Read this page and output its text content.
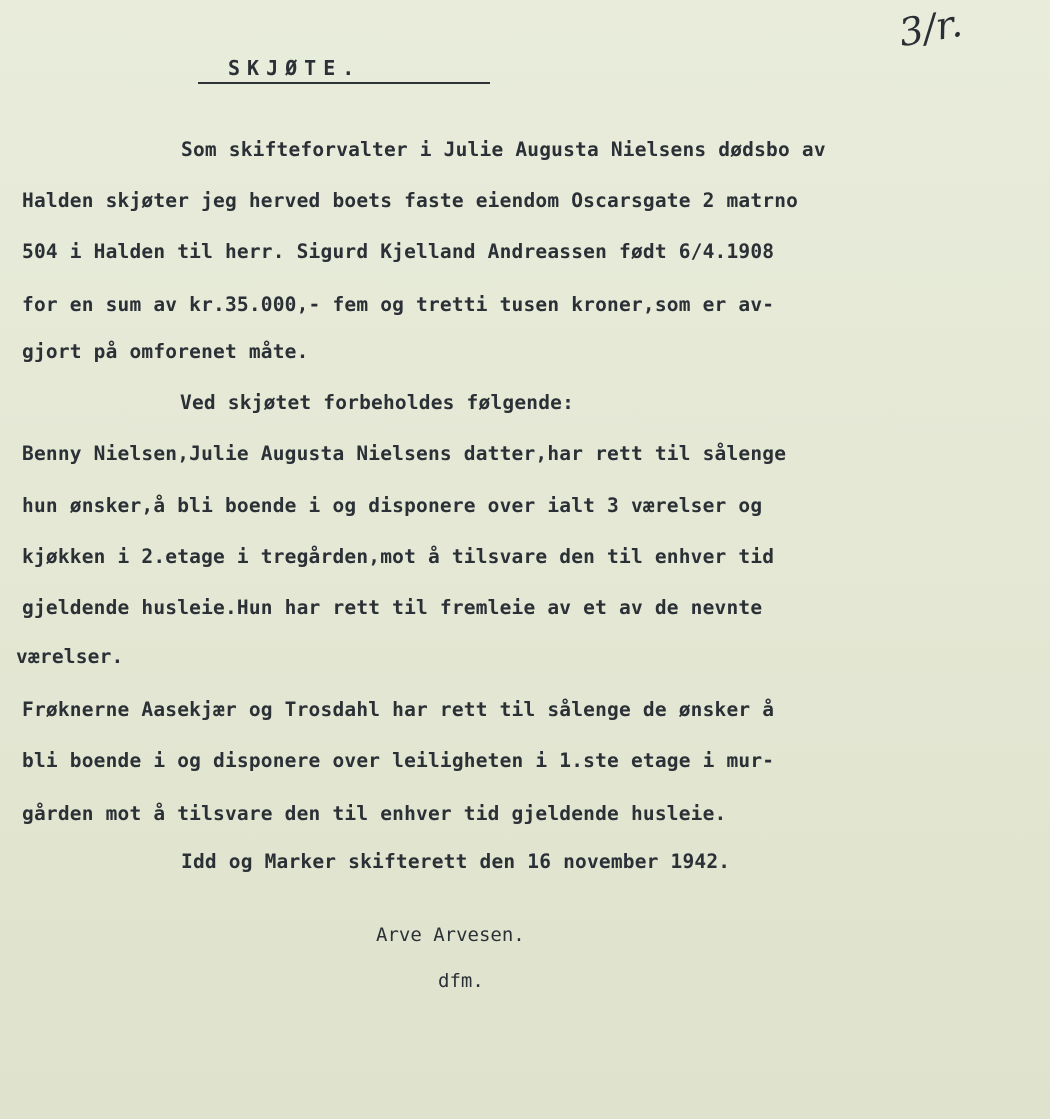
3/r.
SKJØTE.
Som skifteforvalter i Julie Augusta Nielsens dødsbo av
Halden skjøter jeg herved boets faste eiendom Oscarsgate 2 matrno
504 i Halden til herr. Sigurd Kjelland Andreassen født 6/4.1908
for en sum av kr.35.000,- fem og tretti tusen kroner,som er av-
gjort på omforenet måte.
Ved skjøtet forbeholdes følgende:
Benny Nielsen,Julie Augusta Nielsens datter,har rett til sålenge
hun ønsker,å bli boende i og disponere over ialt 3 værelser og
kjøkken i 2.etage i tregården,mot å tilsvare den til enhver tid
gjeldende husleie.Hun har rett til fremleie av et av de nevnte
værelser.
Frøknerne Aasekjær og Trosdahl har rett til sålenge de ønsker å
bli boende i og disponere over leiligheten i 1.ste etage i mur-
gården mot å tilsvare den til enhver tid gjeldende husleie.
Idd og Marker skifterett den 16 november 1942.
Arve Arvesen.
dfm.
